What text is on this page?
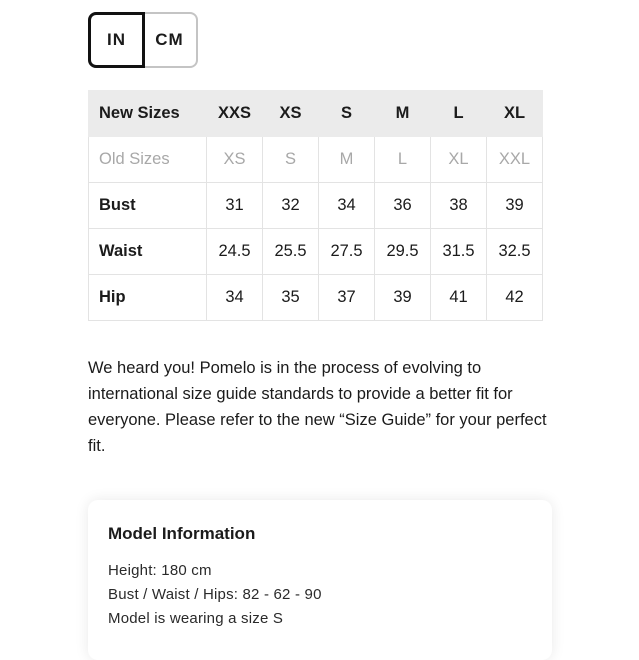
IN	CM
New Sizes	XXS	XS	S	M	L	XL
Old Sizes	XS	S	M	L	XL	XXL
Bust	31	32	34	36	38	39
Waist	24.5	25.5	27.5	29.5	31.5	32.5
Hip	34	35	37	39	41	42

We heard you! Pomelo is in the process of evolving to international size guide standards to provide a better fit for everyone. Please refer to the new “Size Guide” for your perfect fit.

Model Information
Height: 180 cm
Bust / Waist / Hips: 82 - 62 - 90
Model is wearing a size S
